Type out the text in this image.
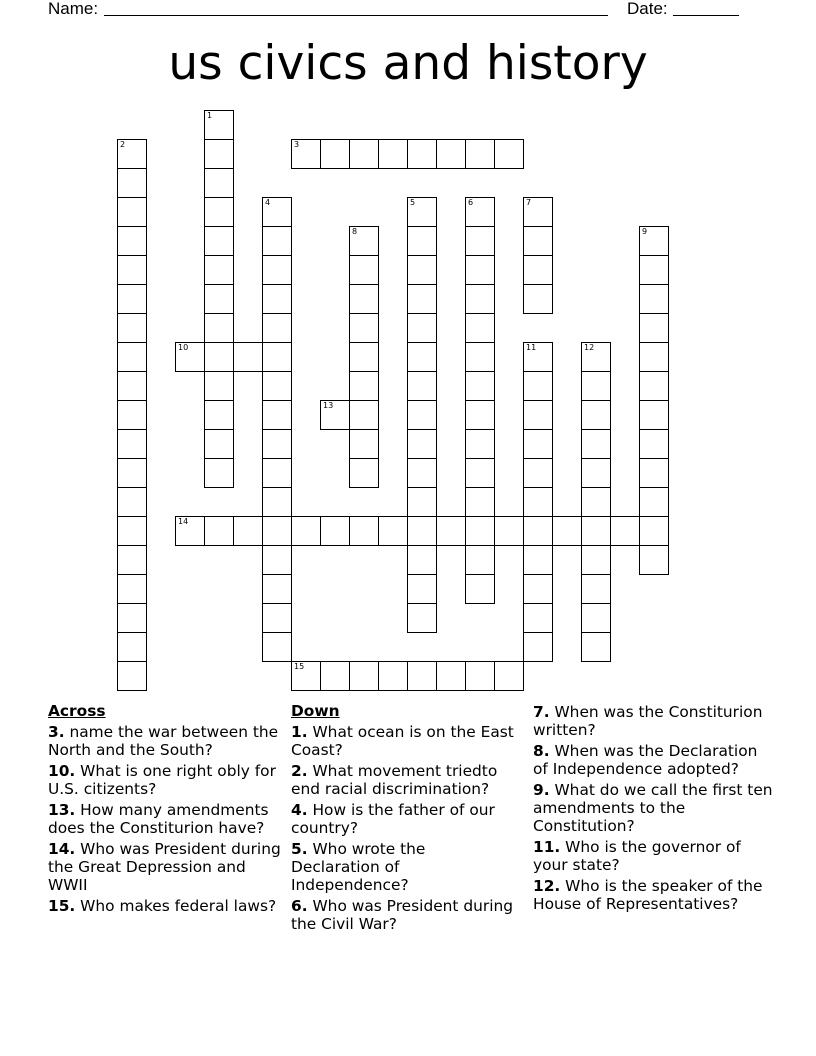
Name:	Date:
us civics and history
1
2	3
4	5	6	7
8	9
10	11	12
13
14
15
Across
3. name the war between the North and the South?
10. What is one right obly for U.S. citizents?
13. How many amendments does the Constiturion have?
14. Who was President during the Great Depression and WWII
15. Who makes federal laws?
Down
1. What ocean is on the East Coast?
2. What movement triedto end racial discrimination?
4. How is the father of our country?
5. Who wrote the Declaration of Independence?
6. Who was President during the Civil War?
7. When was the Constiturion written?
8. When was the Declaration of Independence adopted?
9. What do we call the first ten amendments to the Constitution?
11. Who is the governor of your state?
12. Who is the speaker of the House of Representatives?
